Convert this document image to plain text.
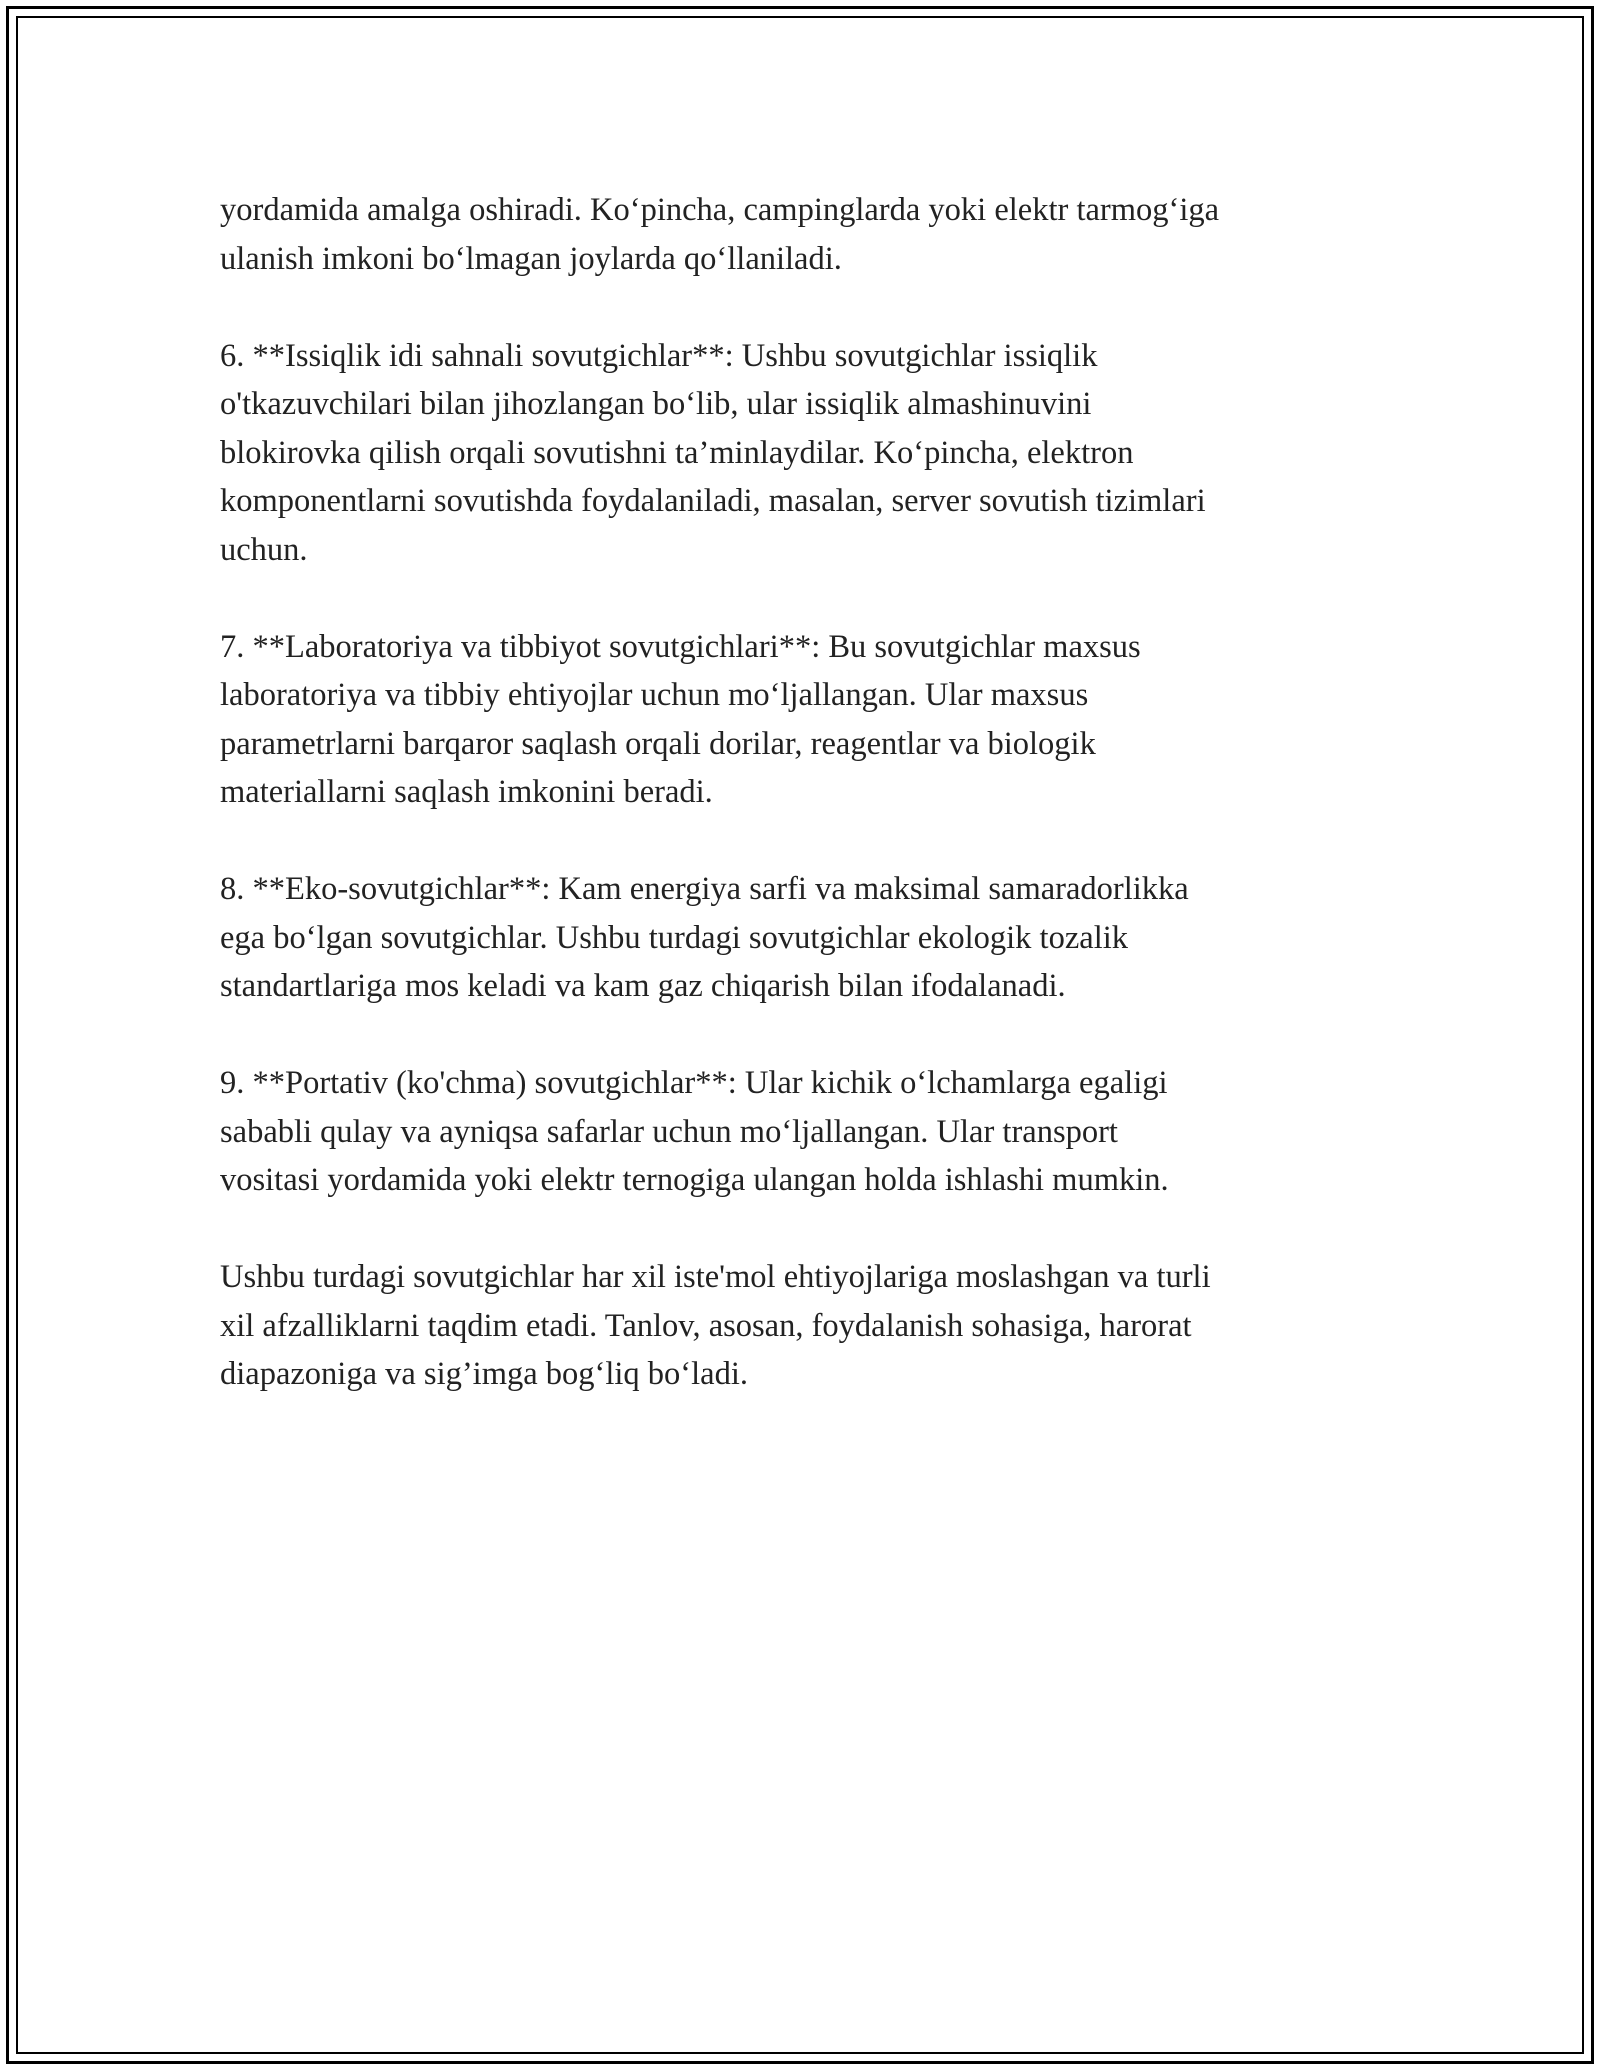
yordamida amalga oshiradi. Ko‘pincha, campinglarda yoki elektr tarmog‘iga
ulanish imkoni bo‘lmagan joylarda qo‘llaniladi.

6. **Issiqlik idi sahnali sovutgichlar**: Ushbu sovutgichlar issiqlik
o'tkazuvchilari bilan jihozlangan bo‘lib, ular issiqlik almashinuvini
blokirovka qilish orqali sovutishni ta’minlaydilar. Ko‘pincha, elektron
komponentlarni sovutishda foydalaniladi, masalan, server sovutish tizimlari
uchun.

7. **Laboratoriya va tibbiyot sovutgichlari**: Bu sovutgichlar maxsus
laboratoriya va tibbiy ehtiyojlar uchun mo‘ljallangan. Ular maxsus
parametrlarni barqaror saqlash orqali dorilar, reagentlar va biologik
materiallarni saqlash imkonini beradi.

8. **Eko-sovutgichlar**: Kam energiya sarfi va maksimal samaradorlikka
ega bo‘lgan sovutgichlar. Ushbu turdagi sovutgichlar ekologik tozalik
standartlariga mos keladi va kam gaz chiqarish bilan ifodalanadi.

9. **Portativ (ko'chma) sovutgichlar**: Ular kichik o‘lchamlarga egaligi
sababli qulay va ayniqsa safarlar uchun mo‘ljallangan. Ular transport
vositasi yordamida yoki elektr ternogiga ulangan holda ishlashi mumkin.

Ushbu turdagi sovutgichlar har xil iste'mol ehtiyojlariga moslashgan va turli
xil afzalliklarni taqdim etadi. Tanlov, asosan, foydalanish sohasiga, harorat
diapazoniga va sig’imga bog‘liq bo‘ladi.
